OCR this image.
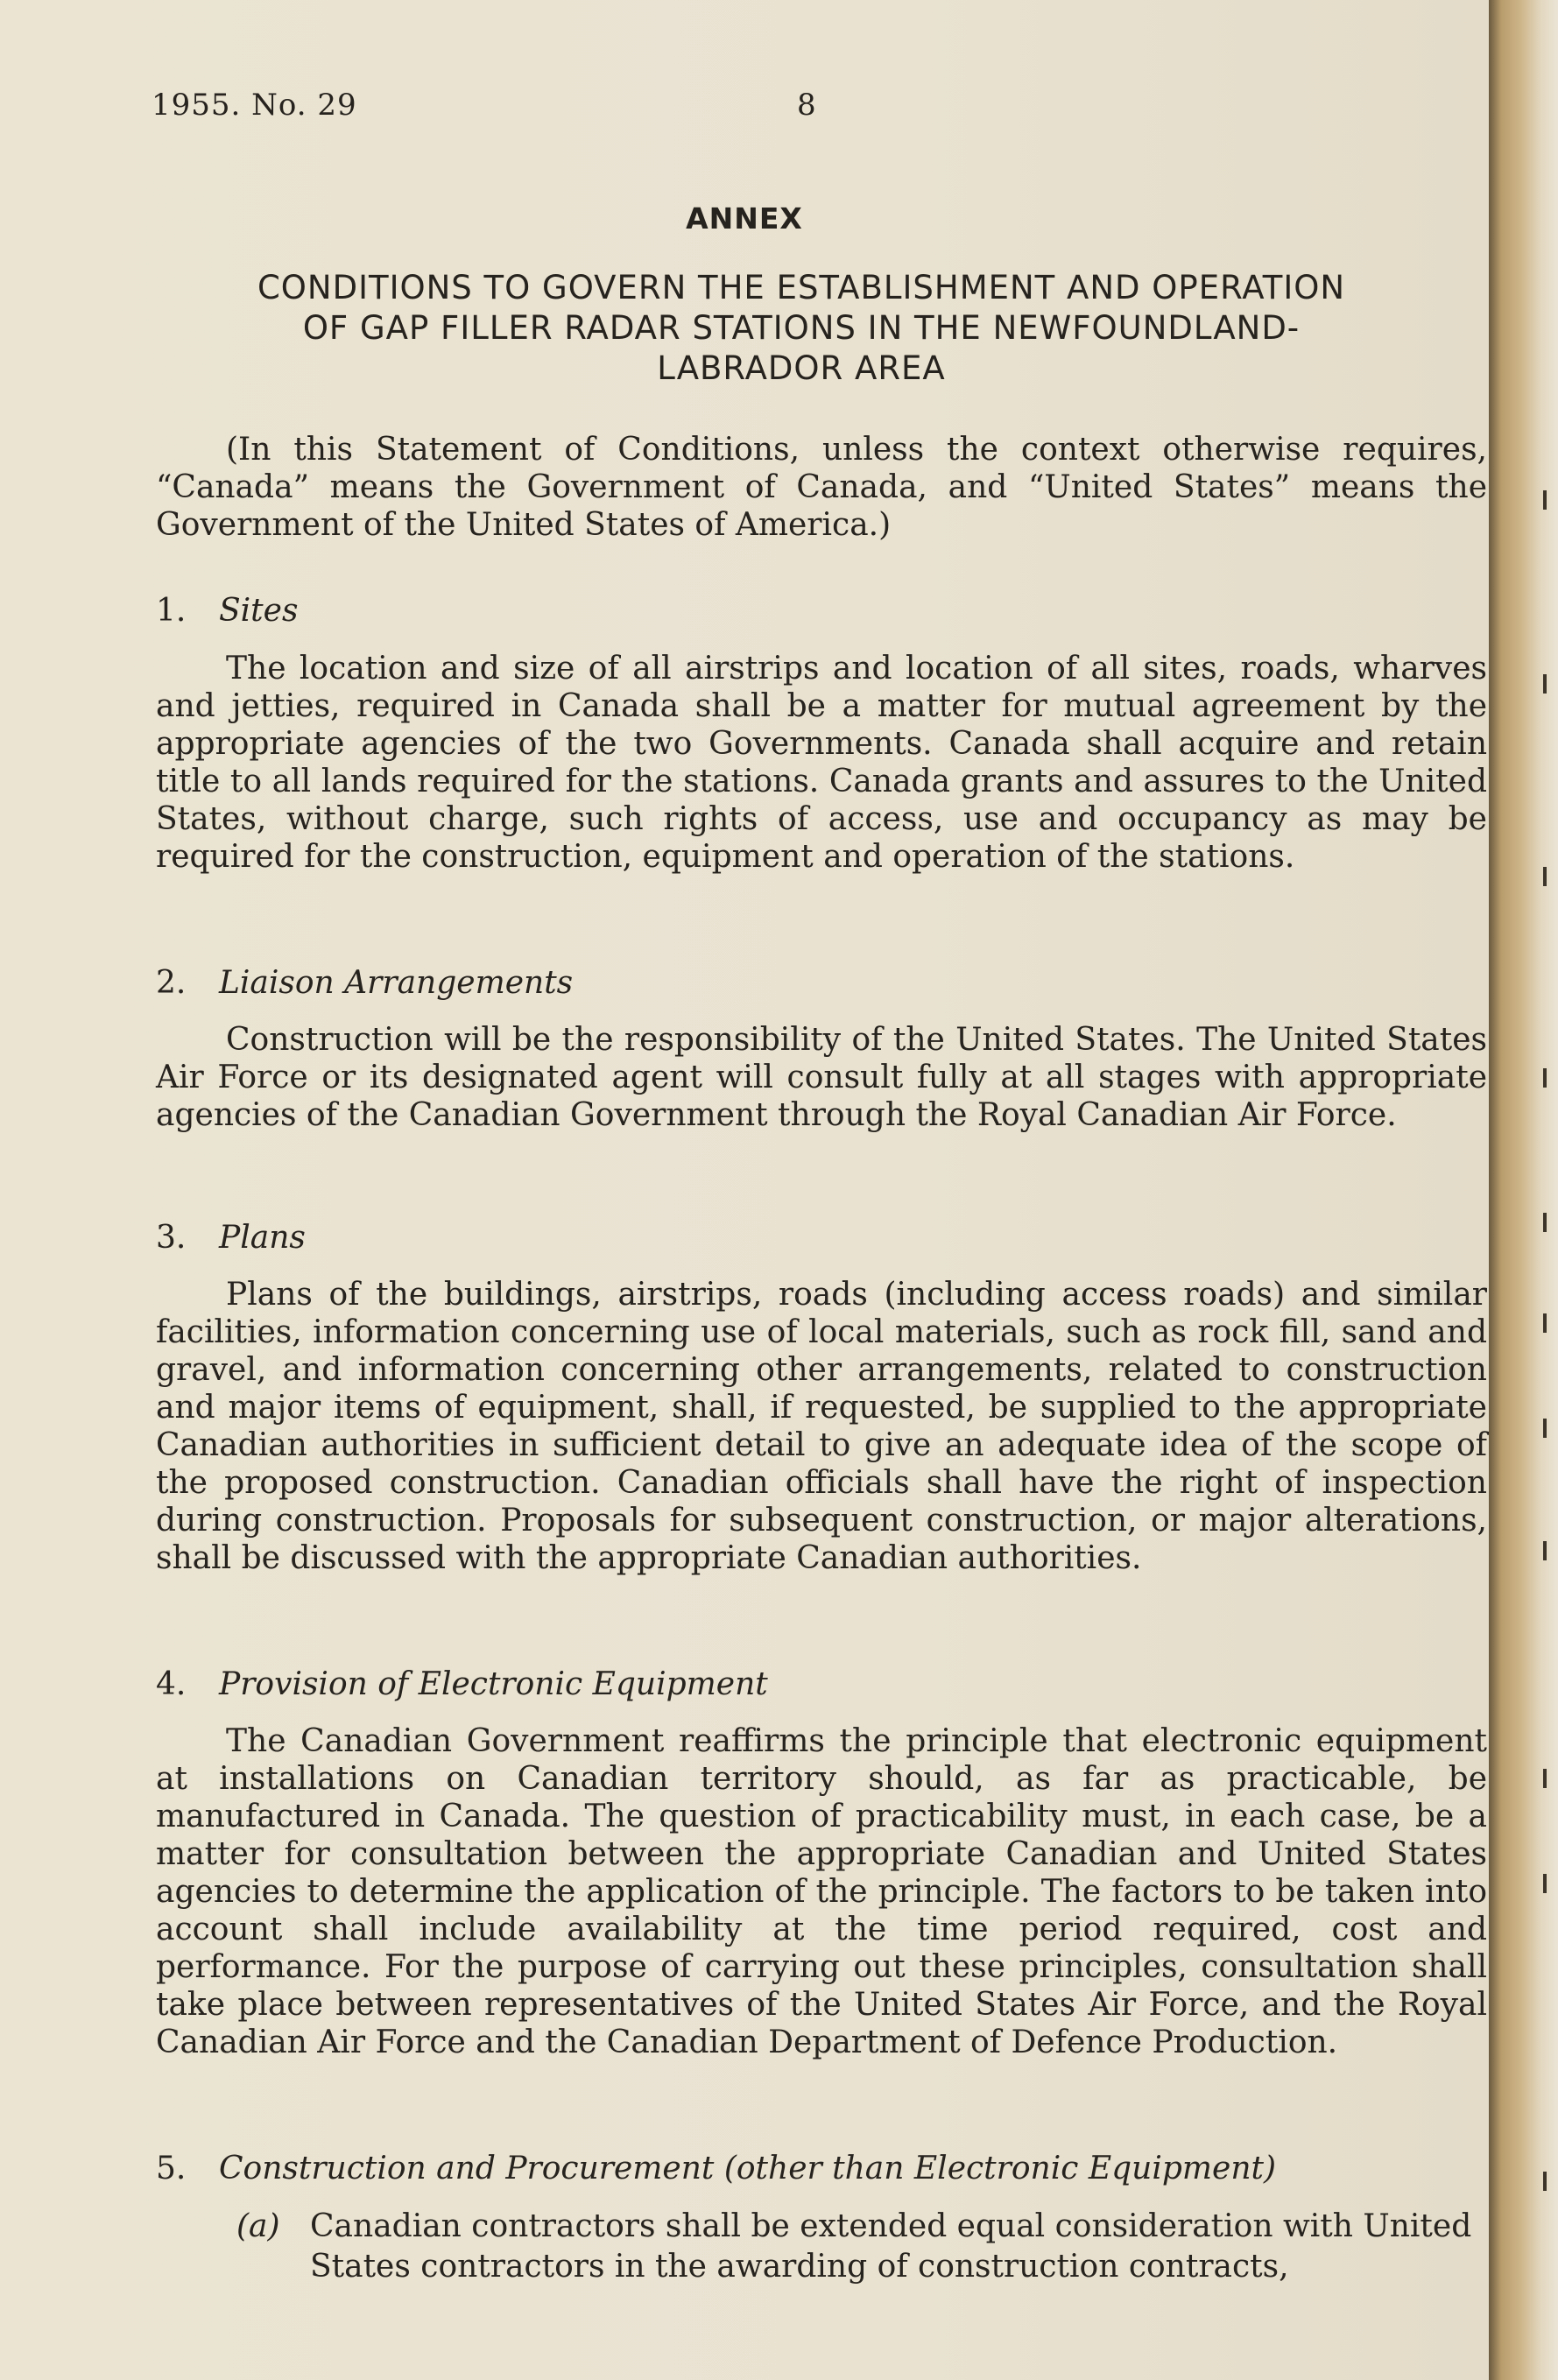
1955. No. 29	8
ANNEX
CONDITIONS TO GOVERN THE ESTABLISHMENT AND OPERATION
OF GAP FILLER RADAR STATIONS IN THE NEWFOUNDLAND-
LABRADOR AREA
(In this Statement of Conditions, unless the context otherwise requires, “Canada” means the Government of Canada, and “United States” means the Government of the United States of America.)
1. Sites
The location and size of all airstrips and location of all sites, roads, wharves and jetties, required in Canada shall be a matter for mutual agreement by the appropriate agencies of the two Governments. Canada shall acquire and retain title to all lands required for the stations. Canada grants and assures to the United States, without charge, such rights of access, use and occupancy as may be required for the construction, equipment and operation of the stations.
2. Liaison Arrangements
Construction will be the responsibility of the United States. The United States Air Force or its designated agent will consult fully at all stages with appropriate agencies of the Canadian Government through the Royal Canadian Air Force.
3. Plans
Plans of the buildings, airstrips, roads (including access roads) and similar facilities, information concerning use of local materials, such as rock fill, sand and gravel, and information concerning other arrangements, related to construction and major items of equipment, shall, if requested, be supplied to the appropriate Canadian authorities in sufficient detail to give an adequate idea of the scope of the proposed construction. Canadian officials shall have the right of inspection during construction. Proposals for subsequent construction, or major alterations, shall be discussed with the appropriate Canadian authorities.
4. Provision of Electronic Equipment
The Canadian Government reaffirms the principle that electronic equipment at installations on Canadian territory should, as far as practicable, be manufactured in Canada. The question of practicability must, in each case, be a matter for consultation between the appropriate Canadian and United States agencies to determine the application of the principle. The factors to be taken into account shall include availability at the time period required, cost and performance. For the purpose of carrying out these principles, consultation shall take place between representatives of the United States Air Force, and the Royal Canadian Air Force and the Canadian Department of Defence Production.
5. Construction and Procurement (other than Electronic Equipment)
(a) Canadian contractors shall be extended equal consideration with United States contractors in the awarding of construction contracts,
